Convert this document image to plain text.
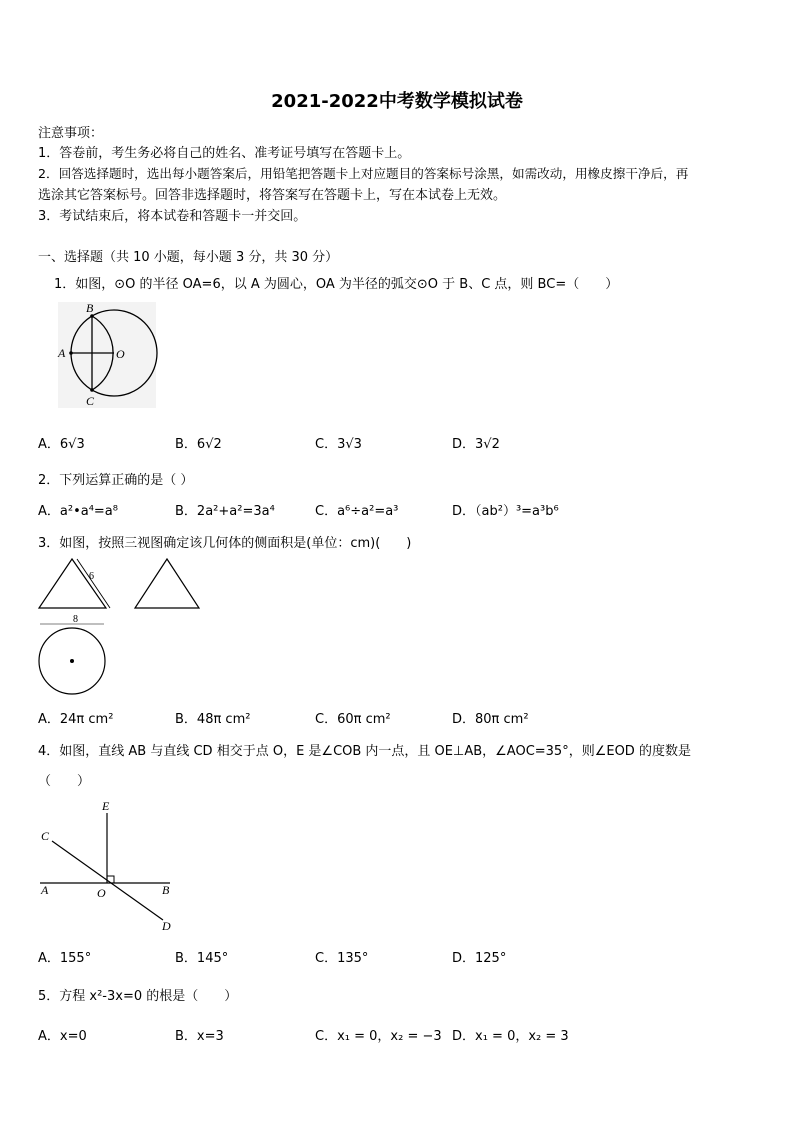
2021-2022中考数学模拟试卷
注意事项：
1．答卷前，考生务必将自己的姓名、准考证号填写在答题卡上。
2．回答选择题时，选出每小题答案后，用铅笔把答题卡上对应题目的答案标号涂黑，如需改动，用橡皮擦干净后，再
选涂其它答案标号。回答非选择题时，将答案写在答题卡上，写在本试卷上无效。
3．考试结束后，将本试卷和答题卡一并交回。
一、选择题（共 10 小题，每小题 3 分，共 30 分）
1．如图，⊙O 的半径 OA=6，以 A 为圆心，OA 为半径的弧交⊙O 于 B、C 点，则 BC=（　　）
B
A	O
C
A．6√3	B．6√2	C．3√3	D．3√2
2．下列运算正确的是（ ）
A．a²•a⁴=a⁸	B．2a²+a²=3a⁴	C．a⁶÷a²=a³	D．（ab²）³=a³b⁶
3．如图，按照三视图确定该几何体的侧面积是(单位：cm)(　　)
6
8
A．24π cm²	B．48π cm²	C．60π cm²	D．80π cm²
4．如图，直线 AB 与直线 CD 相交于点 O，E 是∠COB 内一点，且 OE⊥AB，∠AOC=35°，则∠EOD 的度数是
（　　）
E
C
A	O	B
D
A．155°	B．145°	C．135°	D．125°
5．方程 x²-3x=0 的根是（　　）
A．x=0	B．x=3	C．x₁ = 0，x₂ = −3 D．x₁ = 0，x₂ = 3
